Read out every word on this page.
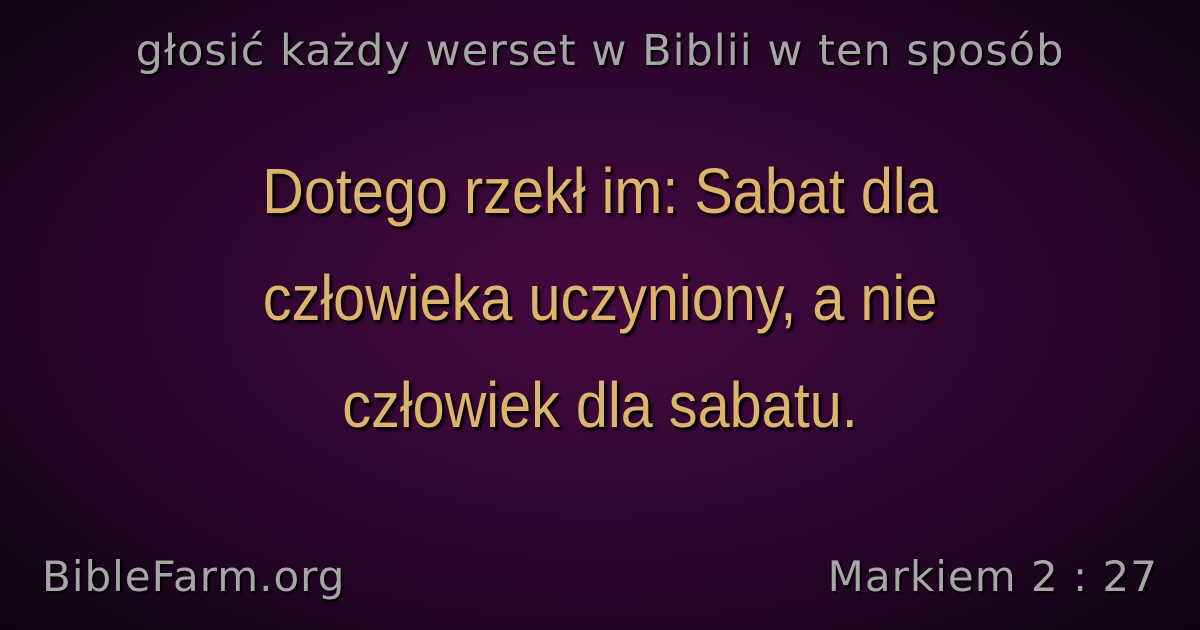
głosić każdy werset w Biblii w ten sposób
Dotego rzekł im: Sabat dla
człowieka uczyniony, a nie
człowiek dla sabatu.
BibleFarm.org	Markiem 2 : 27
